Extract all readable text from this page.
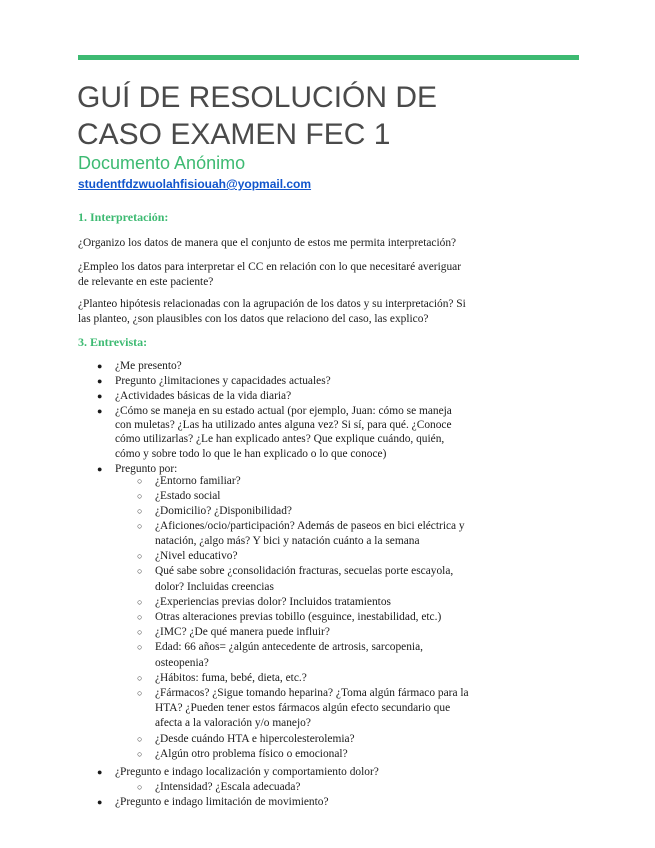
GUÍ DE RESOLUCIÓN DE
CASO EXAMEN FEC 1
Documento Anónimo
studentfdzwuolahfisiouah@yopmail.com
1. Interpretación:
¿Organizo los datos de manera que el conjunto de estos me permita interpretación?
¿Empleo los datos para interpretar el CC en relación con lo que necesitaré averiguar
de relevante en este paciente?
¿Planteo hipótesis relacionadas con la agrupación de los datos y su interpretación? Si
las planteo, ¿son plausibles con los datos que relaciono del caso, las explico?
3. Entrevista:
●
●
●
●
●
●
●
○
○
○
○
○
○
○
○
○
○
○
○
○
○
○
¿Me presento?
Pregunto ¿limitaciones y capacidades actuales?
¿Actividades básicas de la vida diaria?
¿Cómo se maneja en su estado actual (por ejemplo, Juan: cómo se maneja
con muletas? ¿Las ha utilizado antes alguna vez? Si sí, para qué. ¿Conoce
cómo utilizarlas? ¿Le han explicado antes? Que explique cuándo, quién,
cómo y sobre todo lo que le han explicado o lo que conoce)
Pregunto por:
¿Entorno familiar?
¿Estado social
¿Domicilio? ¿Disponibilidad?
¿Aficiones/ocio/participación? Además de paseos en bici eléctrica y
natación, ¿algo más? Y bici y natación cuánto a la semana
¿Nivel educativo?
Qué sabe sobre ¿consolidación fracturas, secuelas porte escayola,
dolor? Incluidas creencias
¿Experiencias previas dolor? Incluidos tratamientos
Otras alteraciones previas tobillo (esguince, inestabilidad, etc.)
¿IMC? ¿De qué manera puede influir?
Edad: 66 años= ¿algún antecedente de artrosis, sarcopenia,
osteopenia?
¿Hábitos: fuma, bebé, dieta, etc.?
¿Fármacos? ¿Sigue tomando heparina? ¿Toma algún fármaco para la
HTA? ¿Pueden tener estos fármacos algún efecto secundario que
afecta a la valoración y/o manejo?
¿Desde cuándo HTA e hipercolesterolemia?
¿Algún otro problema físico o emocional?
¿Pregunto e indago localización y comportamiento dolor?
¿Intensidad? ¿Escala adecuada?
¿Pregunto e indago limitación de movimiento?
